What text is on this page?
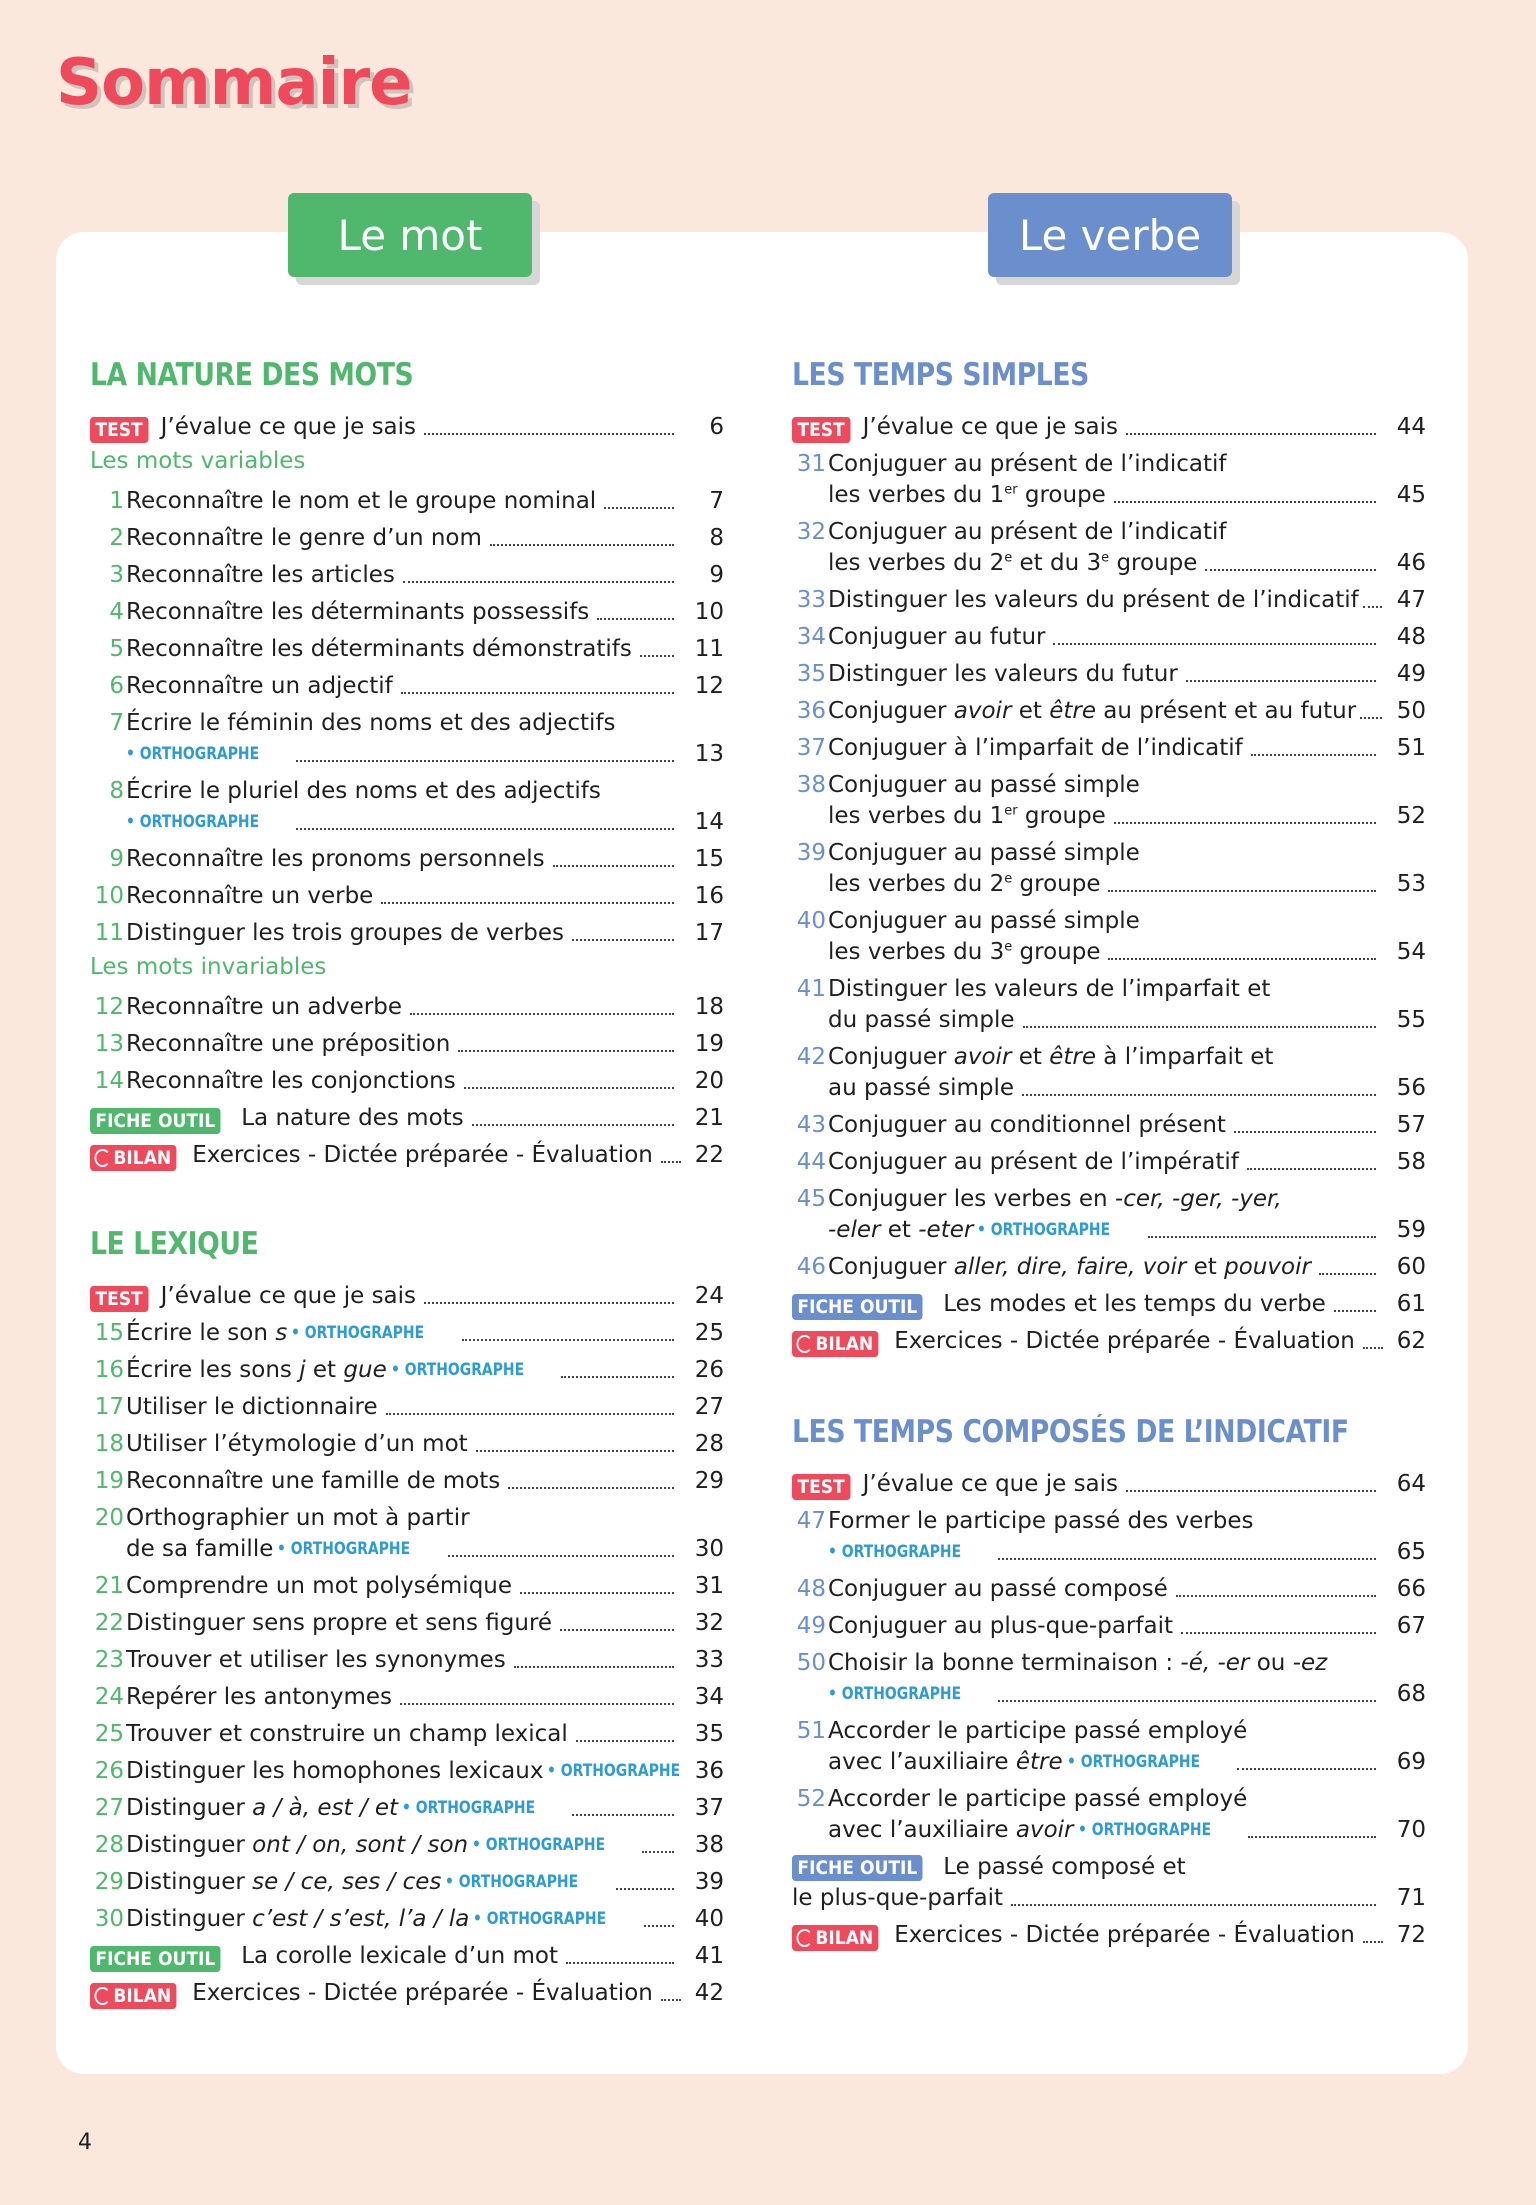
Sommaire
Le mot	Le verbe
LA NATURE DES MOTS
TEST J’évalue ce que je sais	6
Les mots variables
1 Reconnaître le nom et le groupe nominal	7
2 Reconnaître le genre d’un nom	8
3 Reconnaître les articles	9
4 Reconnaître les déterminants possessifs	10
5 Reconnaître les déterminants démonstratifs	11
6 Reconnaître un adjectif	12
7 Écrire le féminin des noms et des adjectifs
• ORTHOGRAPHE	13
8 Écrire le pluriel des noms et des adjectifs
• ORTHOGRAPHE	14
9 Reconnaître les pronoms personnels	15
10 Reconnaître un verbe	16
11 Distinguer les trois groupes de verbes	17
Les mots invariables
12 Reconnaître un adverbe	18
13 Reconnaître une préposition	19
14 Reconnaître les conjonctions	20
FICHE OUTIL La nature des mots	21
BILAN Exercices - Dictée préparée - Évaluation	22
LE LEXIQUE
TEST J’évalue ce que je sais	24
15 Écrire le son s • ORTHOGRAPHE	25
16 Écrire les sons j et gue • ORTHOGRAPHE	26
17 Utiliser le dictionnaire	27
18 Utiliser l’étymologie d’un mot	28
19 Reconnaître une famille de mots	29
20 Orthographier un mot à partir
de sa famille • ORTHOGRAPHE	30
21 Comprendre un mot polysémique	31
22 Distinguer sens propre et sens figuré	32
23 Trouver et utiliser les synonymes	33
24 Repérer les antonymes	34
25 Trouver et construire un champ lexical	35
26 Distinguer les homophones lexicaux • ORTHOGRAPHE 36
27 Distinguer a / à, est / et • ORTHOGRAPHE	37
28 Distinguer ont / on, sont / son • ORTHOGRAPHE	38
29 Distinguer se / ce, ses / ces • ORTHOGRAPHE	39
30 Distinguer c’est / s’est, l’a / la • ORTHOGRAPHE	40
FICHE OUTIL La corolle lexicale d’un mot	41
BILAN Exercices - Dictée préparée - Évaluation	42
LES TEMPS SIMPLES
TEST J’évalue ce que je sais	44
31 Conjuguer au présent de l’indicatif
les verbes du 1er groupe	45
32 Conjuguer au présent de l’indicatif
les verbes du 2e et du 3e groupe	46
33 Distinguer les valeurs du présent de l’indicatif	47
34 Conjuguer au futur	48
35 Distinguer les valeurs du futur	49
36 Conjuguer avoir et être au présent et au futur	50
37 Conjuguer à l’imparfait de l’indicatif	51
38 Conjuguer au passé simple
les verbes du 1er groupe	52
39 Conjuguer au passé simple
les verbes du 2e groupe	53
40 Conjuguer au passé simple
les verbes du 3e groupe	54
41 Distinguer les valeurs de l’imparfait et
du passé simple	55
42 Conjuguer avoir et être à l’imparfait et
au passé simple	56
43 Conjuguer au conditionnel présent	57
44 Conjuguer au présent de l’impératif	58
45 Conjuguer les verbes en -cer, -ger, -yer,
-eler et -eter • ORTHOGRAPHE	59
46 Conjuguer aller, dire, faire, voir et pouvoir	60
FICHE OUTIL Les modes et les temps du verbe	61
BILAN Exercices - Dictée préparée - Évaluation	62
LES TEMPS COMPOSÉS DE L’INDICATIF
TEST J’évalue ce que je sais	64
47 Former le participe passé des verbes
• ORTHOGRAPHE	65
48 Conjuguer au passé composé	66
49 Conjuguer au plus-que-parfait	67
50 Choisir la bonne terminaison : -é, -er ou -ez
• ORTHOGRAPHE	68
51 Accorder le participe passé employé
avec l’auxiliaire être • ORTHOGRAPHE	69
52 Accorder le participe passé employé
avec l’auxiliaire avoir • ORTHOGRAPHE	70
FICHE OUTIL Le passé composé et
le plus-que-parfait	71
BILAN Exercices - Dictée préparée - Évaluation	72
4
